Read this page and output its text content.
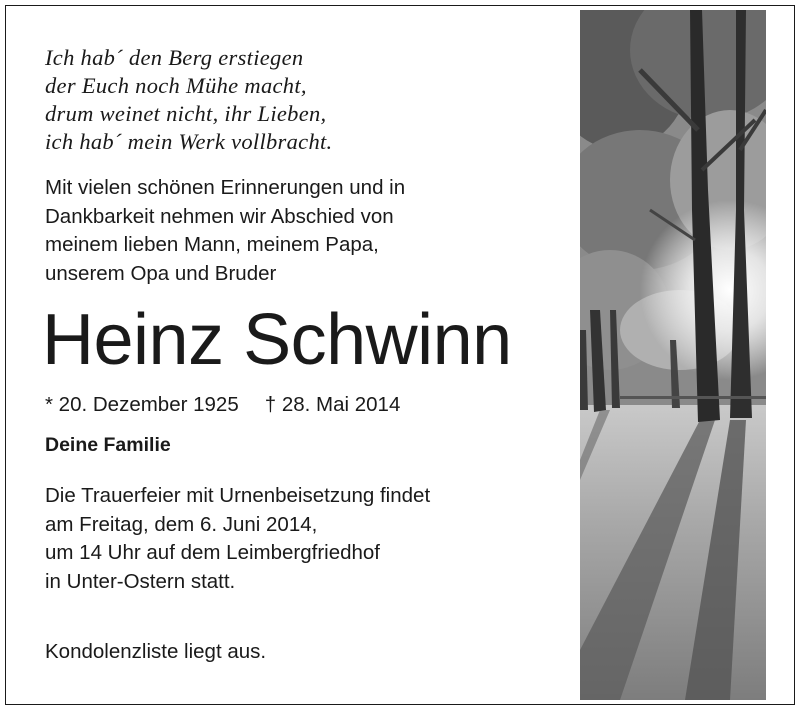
Ich hab´ den Berg erstiegen
der Euch noch Mühe macht,
drum weinet nicht, ihr Lieben,
ich hab´ mein Werk vollbracht.
Mit vielen schönen Erinnerungen und in
Dankbarkeit nehmen wir Abschied von
meinem lieben Mann, meinem Papa,
unserem Opa und Bruder
Heinz Schwinn
* 20. Dezember 1925 † 28. Mai 2014
Deine Familie
Die Trauerfeier mit Urnenbeisetzung findet
am Freitag, dem 6. Juni 2014,
um 14 Uhr auf dem Leimbergfriedhof
in Unter-Ostern statt.
Kondolenzliste liegt aus.
